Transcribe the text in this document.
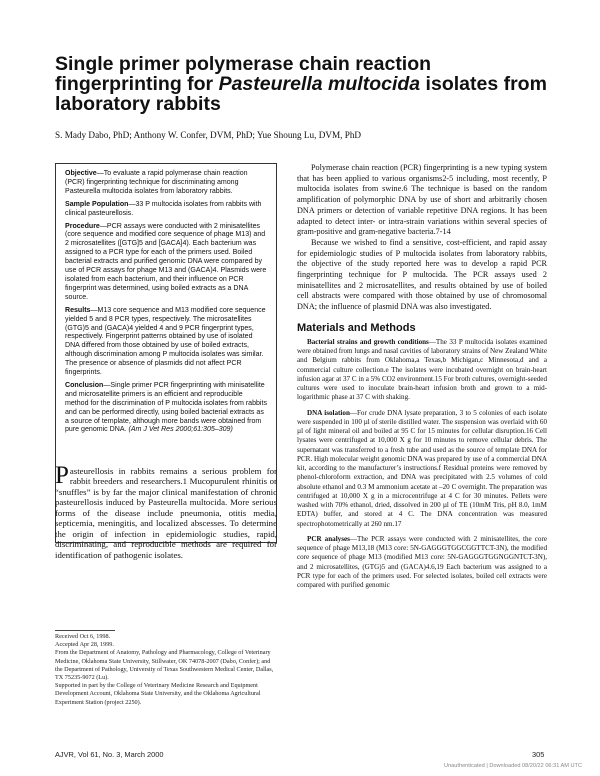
Single primer polymerase chain reaction fingerprinting for Pasteurella multocida isolates from laboratory rabbits
S. Mady Dabo, PhD; Anthony W. Confer, DVM, PhD; Yue Shoung Lu, DVM, PhD

Objective—To evaluate a rapid polymerase chain reaction (PCR) fingerprinting technique for discriminating among Pasteurella multocida isolates from laboratory rabbits.

Sample Population—33 P multocida isolates from rabbits with clinical pasteurellosis.

Procedure—PCR assays were conducted with 2 minisatellites (core sequence and modified core sequence of phage M13) and 2 microsatellites ([GTG]5 and [GACA]4). Each bacterium was assigned to a PCR type for each of the primers used. Boiled bacterial extracts and purified genomic DNA were compared by use of PCR assays for phage M13 and (GACA)4. Plasmids were isolated from each bacterium, and their influence on PCR fingerprint was determined, using boiled extracts as a DNA source.

Results—M13 core sequence and M13 modified core sequence yielded 5 and 8 PCR types, respectively. The microsatellites (GTG)5 and (GACA)4 yielded 4 and 9 PCR fingerprint types, respectively. Fingerprint patterns obtained by use of isolated DNA differed from those obtained by use of boiled extracts, although discrimination among P multocida isolates was similar. The presence or absence of plasmids did not affect PCR fingerprints.

Conclusion—Single primer PCR fingerprinting with minisatellite and microsatellite primers is an efficient and reproducible method for the discrimination of P multocida isolates from rabbits and can be performed directly, using boiled bacterial extracts as a source of template, although more bands were obtained from pure genomic DNA. (Am J Vet Res 2000;61:305–309)

Pasteurellosis in rabbits remains a serious problem for rabbit breeders and researchers.1 Mucopurulent rhinitis or “snuffles” is by far the major clinical manifestation of chronic pasteurellosis induced by Pasteurella multocida. More serious forms of the disease include pneumonia, otitis media, septicemia, meningitis, and localized abscesses. To determine the origin of infection in epidemiologic studies, rapid, discriminating, and reproducible methods are required for identification of pathogenic isolates.

Received Oct 6, 1998.

Accepted Apr 28, 1999.

From the Department of Anatomy, Pathology and Pharmacology, College of Veterinary Medicine, Oklahoma State University, Stillwater, OK 74078-2007 (Dabo, Confer); and the Department of Pathology, University of Texas Southwestern Medical Center, Dallas, TX 75235-9072 (Lu).

Supported in part by the College of Veterinary Medicine Research and Equipment Development Account, Oklahoma State University, and the Oklahoma Agricultural Experiment Station (project 2250).

Polymerase chain reaction (PCR) fingerprinting is a new typing system that has been applied to various organisms2-5 including, most recently, P multocida isolates from swine.6 The technique is based on the random amplification of polymorphic DNA by use of short and arbitrarily chosen DNA primers or detection of variable repetitive DNA regions. It has been adapted to detect inter- or intra-strain variations within several species of gram-positive and gram-negative bacteria.7-14

Because we wished to find a sensitive, cost-efficient, and rapid assay for epidemiologic studies of P multocida isolates from laboratory rabbits, the objective of the study reported here was to develop a rapid PCR fingerprinting technique for P multocida. The PCR assays used 2 minisatellites and 2 microsatellites, and results obtained by use of boiled cell abstracts were compared with those obtained by use of chromosomal DNA; the influence of plasmid DNA was also investigated.

Materials and Methods

Bacterial strains and growth conditions—The 33 P multocida isolates examined were obtained from lungs and nasal cavities of laboratory strains of New Zealand White and Belgium rabbits from Oklahoma,a Texas,b Michigan,c Minnesota,d and a commercial culture collection.e The isolates were incubated overnight on brain-heart infusion agar at 37 C in a 5% CO2 environment.15 For broth cultures, overnight-seeded cultures were used to inoculate brain-heart infusion broth and grown to a mid-logarithmic phase at 37 C with shaking.

DNA isolation—For crude DNA lysate preparation, 3 to 5 colonies of each isolate were suspended in 100 µl of sterile distilled water. The suspension was overlaid with 60 µl of light mineral oil and boiled at 95 C for 15 minutes for cellular disruption.16 Cell lysates were centrifuged at 10,000 X g for 10 minutes to remove cellular debris. The supernatant was transferred to a fresh tube and used as the source of template DNA for PCR. High molecular weight genomic DNA was prepared by use of a commercial DNA kit, according to the manufacturer’s instructions.f Residual proteins were removed by phenol-chloroform extraction, and DNA was precipitated with 2.5 volumes of cold absolute ethanol and 0.3 M ammonium acetate at –20 C overnight. The preparation was centrifuged at 10,000 X g in a microcentrifuge at 4 C for 30 minutes. Pellets were washed with 70% ethanol, dried, dissolved in 200 µl of TE (10mM Tris, pH 8.0, 1mM EDTA) buffer, and stored at 4 C. The DNA concentration was measured spectrophotometrically at 260 nm.17

PCR analyses—The PCR assays were conducted with 2 minisatellites, the core sequence of phage M13,18 (M13 core: 5N-GAGGGTGGCGGTTCT-3N), the modified core sequence of phage M13 (modified M13 core: 5N-GAGGGTGGNGGNTCT-3N), and 2 microsatellites, (GTG)5 and (GACA)4.6,19 Each bacterium was assigned to a PCR type for each of the primers used. For selected isolates, boiled cell extracts were compared with purified genomic

AJVR, Vol 61, No. 3, March 2000	305
Unauthenticated | Downloaded 08/20/22 06:31 AM UTC
